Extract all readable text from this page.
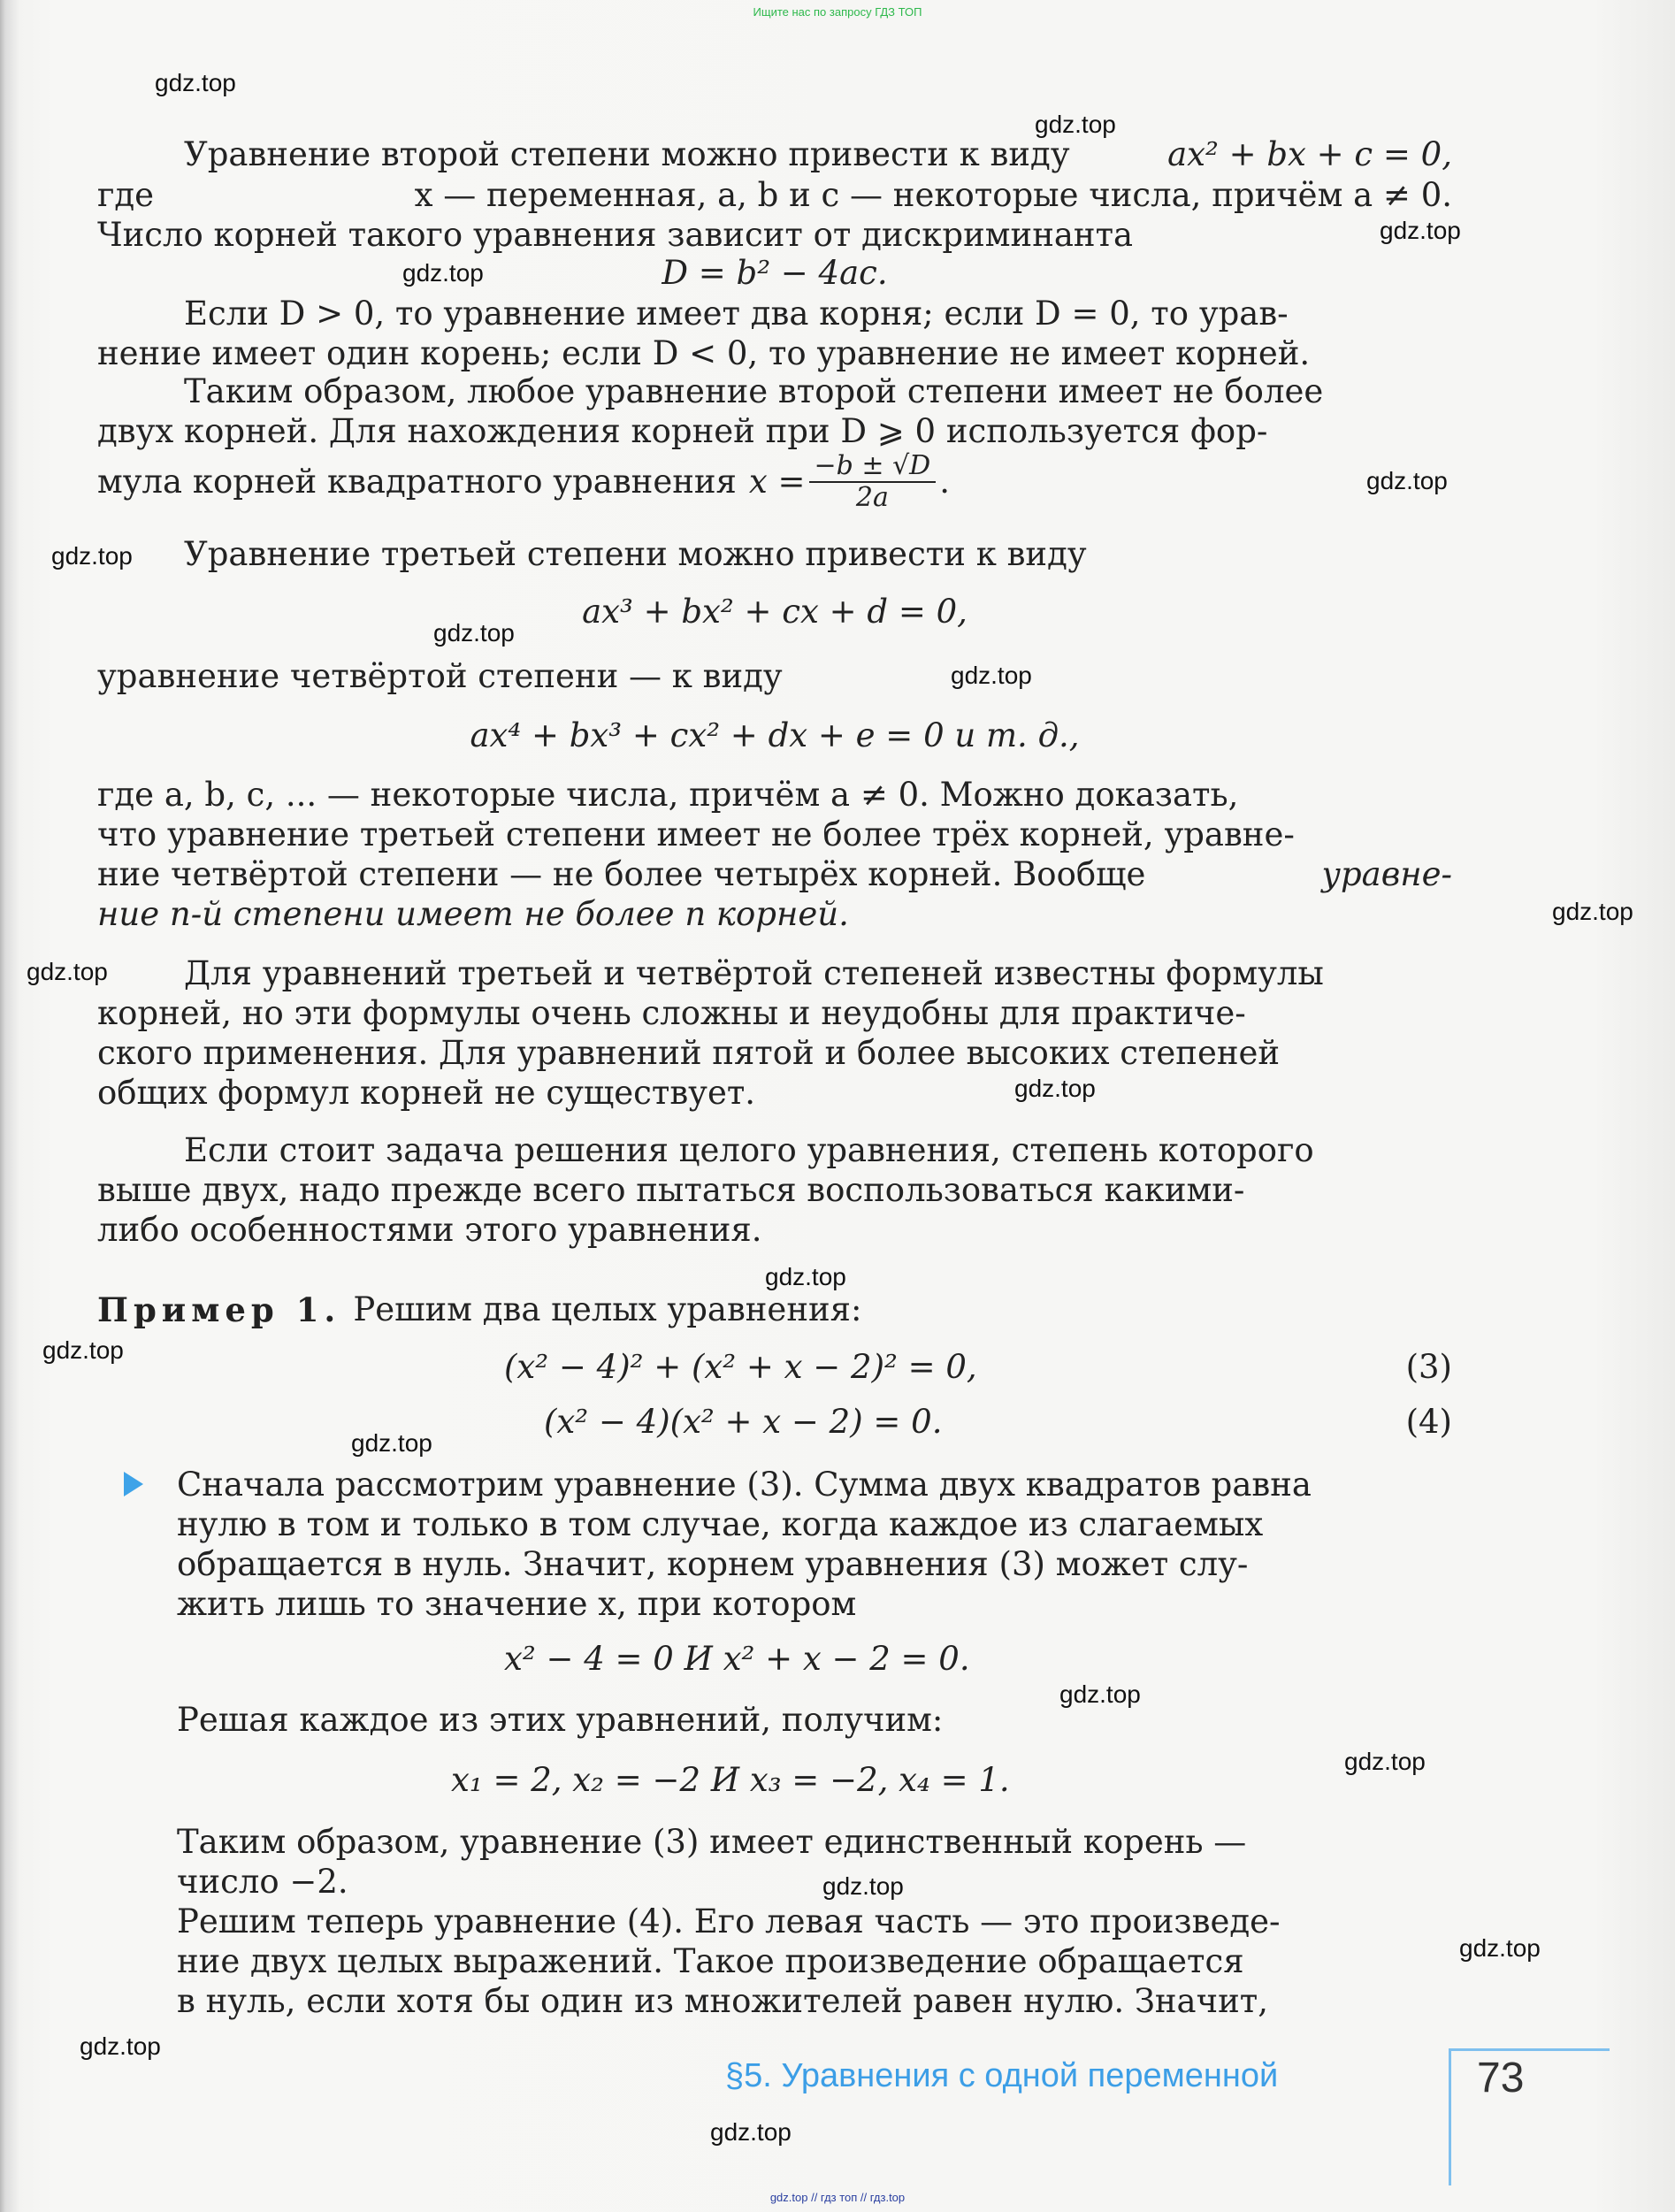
Ищите нас по запросу ГДЗ ТОП
gdz.top
gdz.top
gdz.top
gdz.top
gdz.top
gdz.top
gdz.top
gdz.top
gdz.top
gdz.top
gdz.top
gdz.top
gdz.top
gdz.top
gdz.top
gdz.top
gdz.top
gdz.top
gdz.top
gdz.top
Уравнение второй степени можно привести к виду	ax² + bx + c = 0,
где	x — переменная, a, b и c — некоторые числа, причём a ≠ 0.
Число корней такого уравнения зависит от дискриминанта
D = b² − 4ac.
Если D > 0, то уравнение имеет два корня; если D = 0, то урав-
нение имеет один корень; если D < 0, то уравнение не имеет корней.
Таким образом, любое уравнение второй степени имеет не более
двух корней. Для нахождения корней при D ⩾ 0 используется фор-
мула корней квадратного уравнения $x = \frac{-b \pm √D}{2a}$ .
Уравнение третьей степени можно привести к виду
ax³ + bx² + cx + d = 0,
уравнение четвёртой степени — к виду
ax⁴ + bx³ + cx² + dx + e = 0 и т. д.,
где a, b, c, ... — некоторые числа, причём a ≠ 0. Можно доказать,
что уравнение третьей степени имеет не более трёх корней, уравне-
ние четвёртой степени — не более четырёх корней. Вообще	уравне-
ние n-й степени имеет не более n корней.
Для уравнений третьей и четвёртой степеней известны формулы
корней, но эти формулы очень сложны и неудобны для практиче-
ского применения. Для уравнений пятой и более высоких степеней
общих формул корней не существует.
Если стоит задача решения целого уравнения, степень которого
выше двух, надо прежде всего пытаться воспользоваться какими-
либо особенностями этого уравнения.
Пример 1. Решим два целых уравнения:
(x² − 4)² + (x² + x − 2)² = 0,	(3)
(x² − 4)(x² + x − 2) = 0.	(4)
Сначала рассмотрим уравнение (3). Сумма двух квадратов равна
нулю в том и только в том случае, когда каждое из слагаемых
обращается в нуль. Значит, корнем уравнения (3) может слу-
жить лишь то значение x, при котором
x² − 4 = 0 И x² + x − 2 = 0.
Решая каждое из этих уравнений, получим:
x₁ = 2, x₂ = −2 И x₃ = −2, x₄ = 1.
Таким образом, уравнение (3) имеет единственный корень —
число −2.
Решим теперь уравнение (4). Его левая часть — это произведе-
ние двух целых выражений. Такое произведение обращается
в нуль, если хотя бы один из множителей равен нулю. Значит,
§5. Уравнения с одной переменной	73
gdz.top // гдз топ // гдз.top
